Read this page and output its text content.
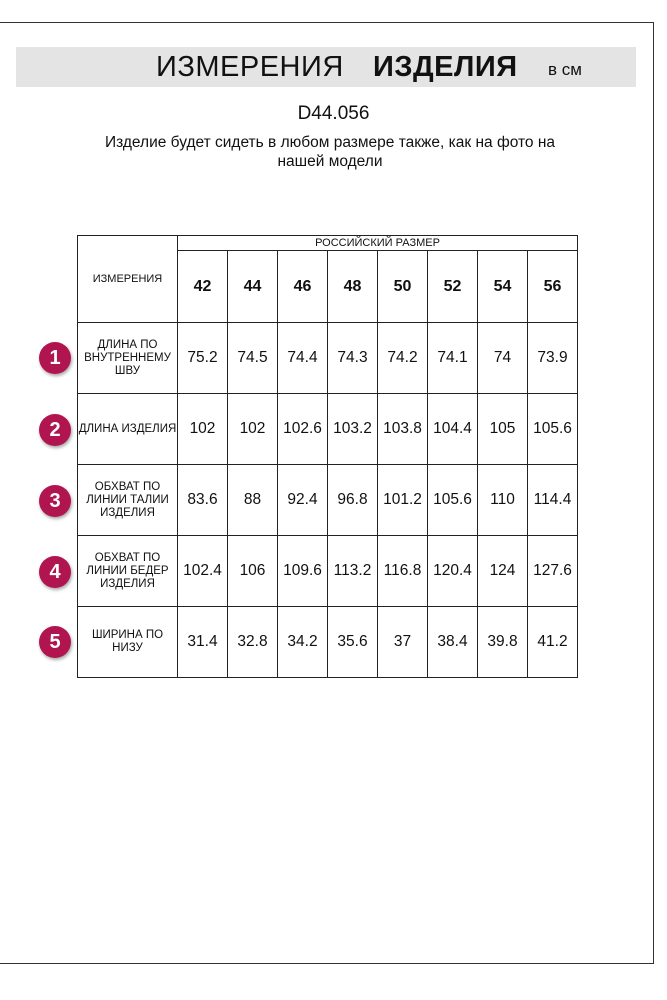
ИЗМЕРЕНИЯ ИЗДЕЛИЯ в см
D44.056
Изделие будет сидеть в любом размере также, как на фото на нашей модели
ИЗМЕРЕНИЯ	РОССИЙСКИЙ РАЗМЕР							
	42	44	46	48	50	52	54	56
ДЛИНА ПО ВНУТРЕННЕМУ ШВУ	75.2	74.5	74.4	74.3	74.2	74.1	74	73.9
ДЛИНА ИЗДЕЛИЯ	102	102	102.6	103.2	103.8	104.4	105	105.6
ОБХВАТ ПО ЛИНИИ ТАЛИИ ИЗДЕЛИЯ	83.6	88	92.4	96.8	101.2	105.6	110	114.4
ОБХВАТ ПО ЛИНИИ БЕДЕР ИЗДЕЛИЯ	102.4	106	109.6	113.2	116.8	120.4	124	127.6
ШИРИНА ПО НИЗУ	31.4	32.8	34.2	35.6	37	38.4	39.8	41.2
1
2
3
4
5
